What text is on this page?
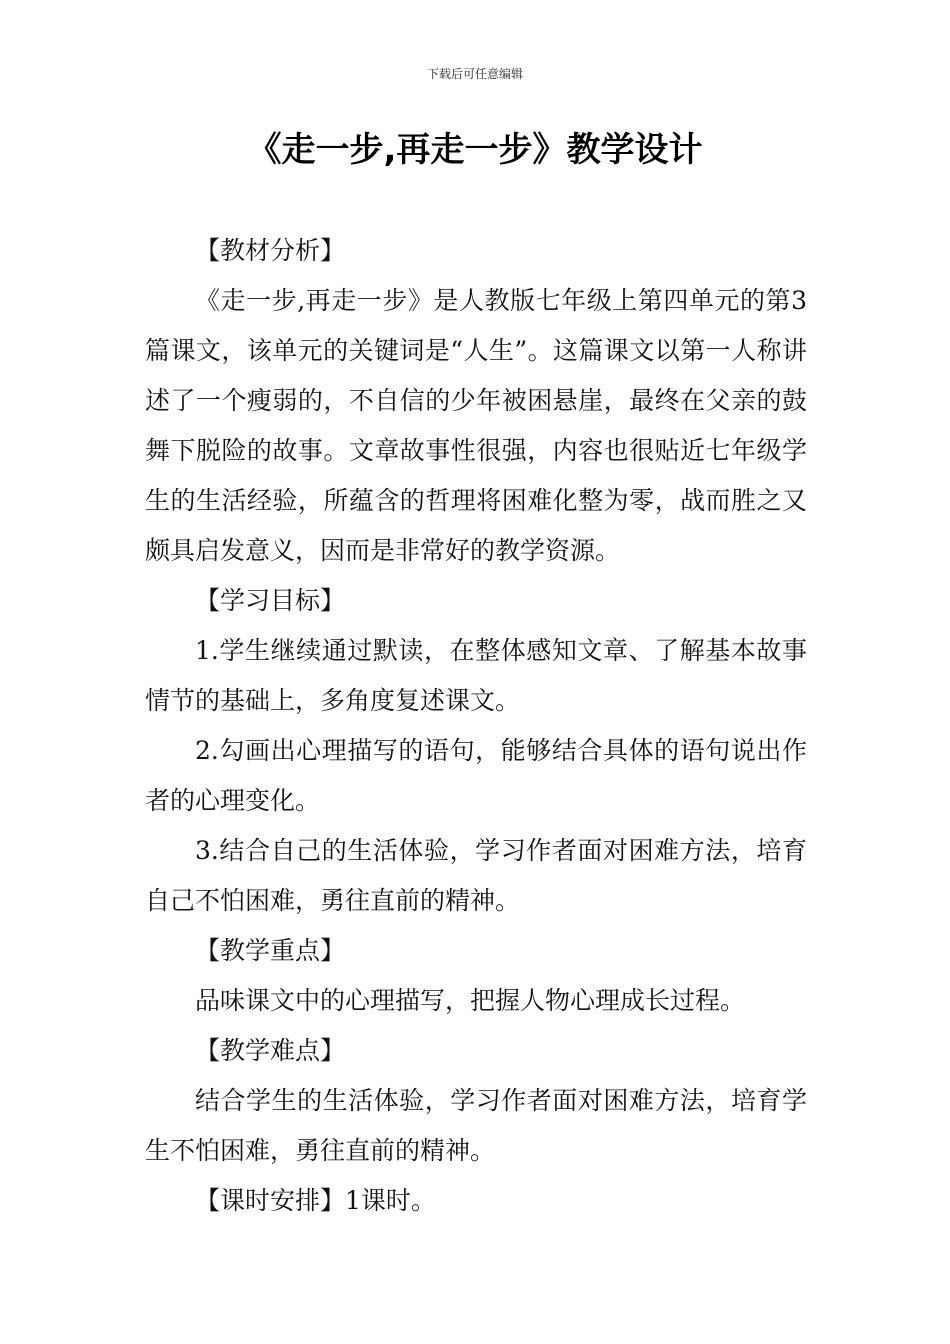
下载后可任意编辑
《走一步,再走一步》教学设计

【教材分析】

《走一步,再走一步》是人教版七年级上第四单元的第3篇课文，该单元的关键词是“人生”。这篇课文以第一人称讲述了一个瘦弱的，不自信的少年被困悬崖，最终在父亲的鼓舞下脱险的故事。文章故事性很强，内容也很贴近七年级学生的生活经验，所蕴含的哲理将困难化整为零，战而胜之又颇具启发意义，因而是非常好的教学资源。

【学习目标】

1.学生继续通过默读，在整体感知文章、了解基本故事情节的基础上，多角度复述课文。

2.勾画出心理描写的语句，能够结合具体的语句说出作者的心理变化。

3.结合自己的生活体验，学习作者面对困难方法，培育自己不怕困难，勇往直前的精神。

【教学重点】

品味课文中的心理描写，把握人物心理成长过程。

【教学难点】

结合学生的生活体验，学习作者面对困难方法，培育学生不怕困难，勇往直前的精神。

【课时安排】1课时。
